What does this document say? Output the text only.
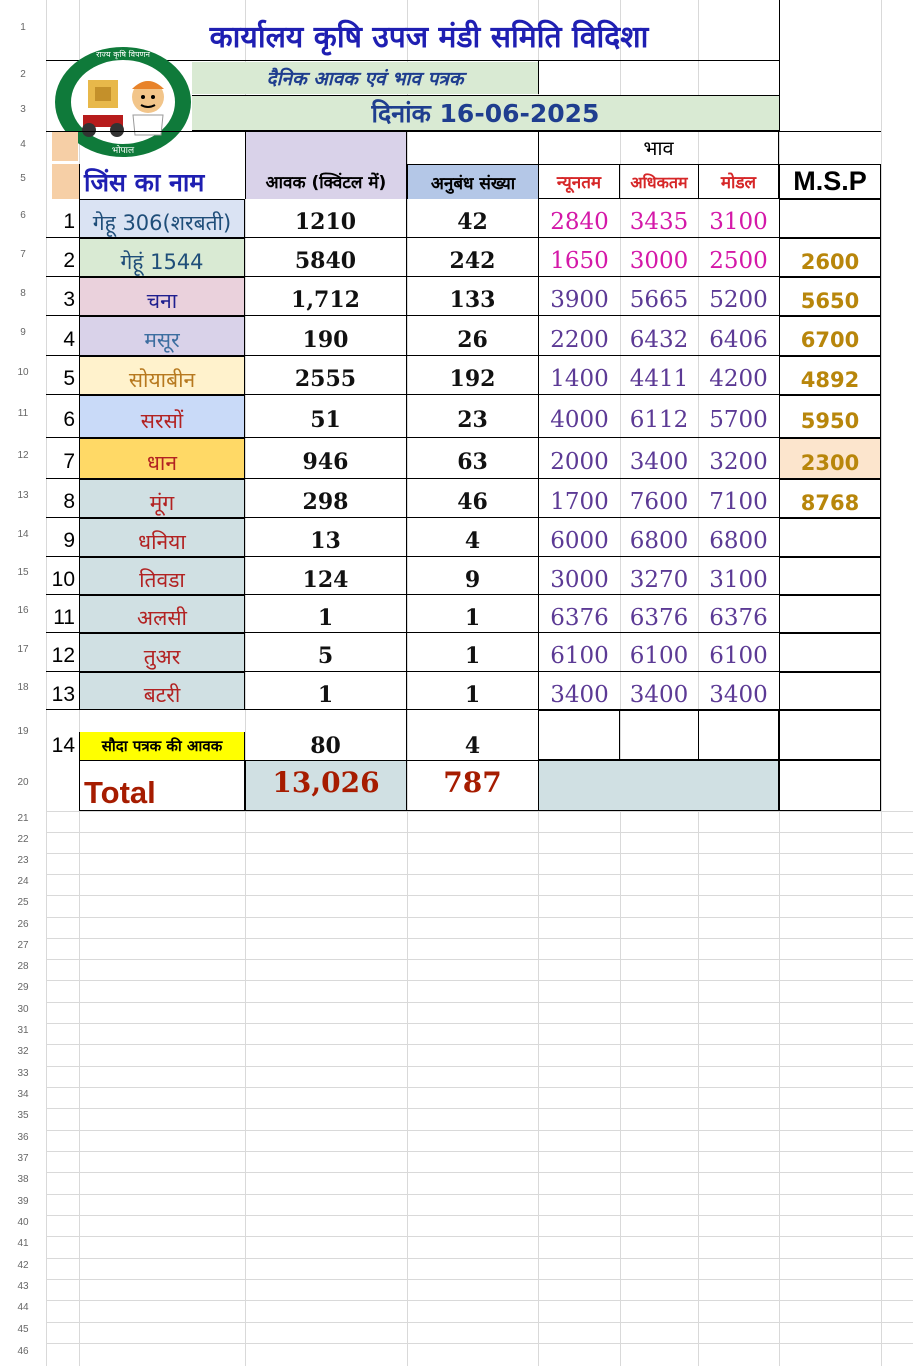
1
2
3
4
5
6
7
8
9
10
11
12
13
14
15
16
17
18
19
20
21
22
23
24
25
26
27
28
29
30
31
32
33
34
35
36
37
38
39
40
41
42
43
44
45
46
कार्यालय कृषि उपज मंडी समिति विदिशा
दैनिक आवक एवं भाव पत्रक
दिनांक 16-06-2025
राज्य कृषि विपणन
भोपाल	भाव
जिंस का नाम	आवक (क्विंटल में)	अनुबंध संख्या	न्यूनतम	अधिकतम	मोडल	M.S.P
1 गेहू 306(शरबती)	1210	42	2840 3435 3100
2	गेहूं 1544	5840	242	1650 3000 2500	2600
3	चना	1,712	133	3900 5665 5200	5650
4	मसूर	190	26	2200 6432 6406	6700
5	सोयाबीन	2555	192	1400 4411 4200	4892
6	सरसों	51	23	4000 6112 5700	5950
7	धान	946	63	2000 3400 3200	2300
8	मूंग	298	46	1700 7600 7100	8768
9	धनिया	13	4	6000 6800 6800
10	तिवडा	124	9	3000 3270 3100
11	अलसी	1	1	6376 6376 6376
12	तुअर	5	1	6100 6100 6100
13	बटरी	1	1	3400 3400 3400
14	सौदा पत्रक की आवक	80	4
Total	13,026	787
